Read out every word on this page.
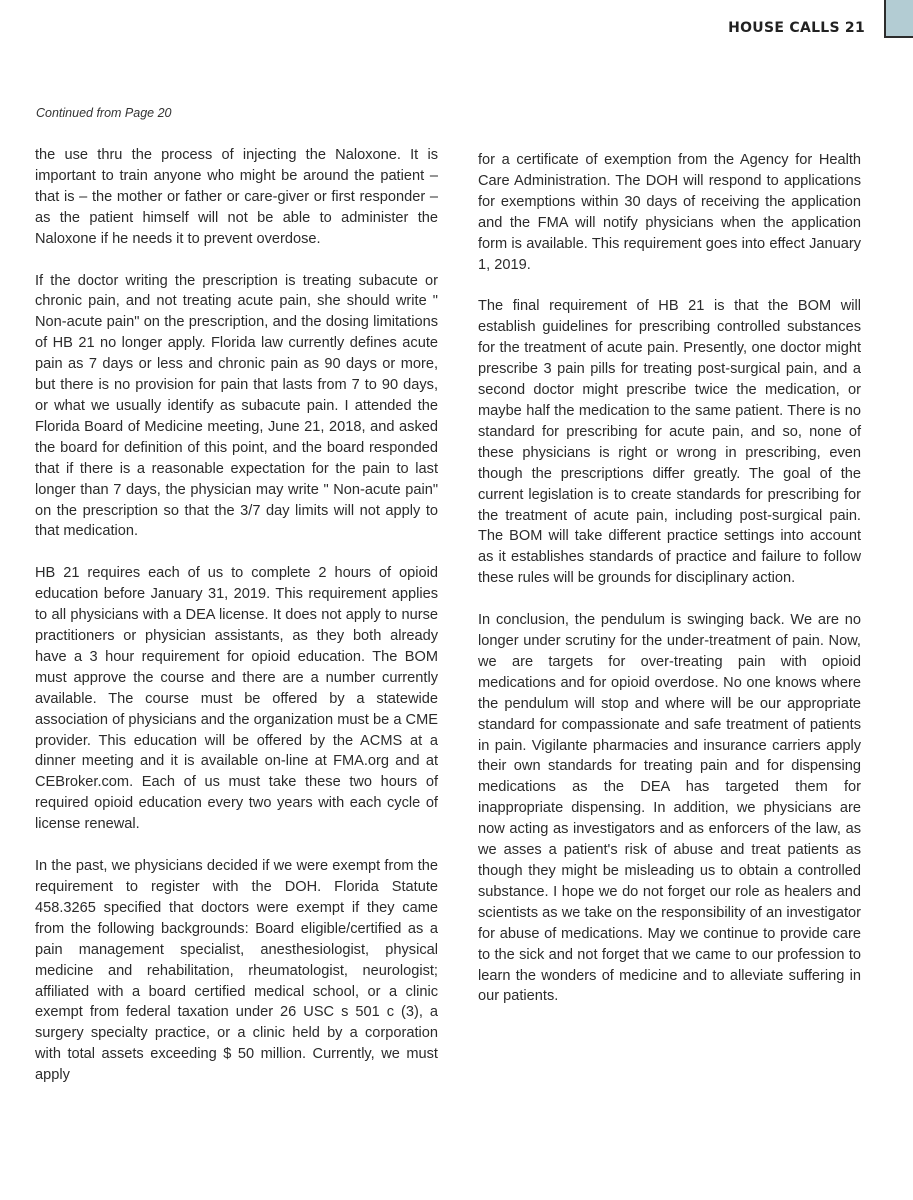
HOUSE CALLS 21
Continued from Page 20

the use thru the process of injecting the Naloxone. It is important to train anyone who might be around the patient – that is – the mother or father or care-giver or first responder – as the patient himself will not be able to administer the Naloxone if he needs it to prevent overdose.

If the doctor writing the prescription is treating subacute or chronic pain, and not treating acute pain, she should write " Non-acute pain" on the prescription, and the dosing limitations of HB 21 no longer apply. Florida law currently defines acute pain as 7 days or less and chronic pain as 90 days or more, but there is no provision for pain that lasts from 7 to 90 days, or what we usually identify as subacute pain. I attended the Florida Board of Medicine meeting, June 21, 2018, and asked the board for definition of this point, and the board responded that if there is a reasonable expectation for the pain to last longer than 7 days, the physician may write " Non-acute pain" on the prescription so that the 3/7 day limits will not apply to that medication.

HB 21 requires each of us to complete 2 hours of opioid education before January 31, 2019. This requirement applies to all physicians with a DEA license. It does not apply to nurse practitioners or physician assistants, as they both already have a 3 hour requirement for opioid education. The BOM must approve the course and there are a number currently available. The course must be offered by a statewide association of physicians and the organization must be a CME provider. This education will be offered by the ACMS at a dinner meeting and it is available on-line at FMA.org and at CEBroker.com. Each of us must take these two hours of required opioid education every two years with each cycle of license renewal.

In the past, we physicians decided if we were exempt from the requirement to register with the DOH. Florida Statute 458.3265 specified that doctors were exempt if they came from the following backgrounds: Board eligible/certified as a pain management specialist, anesthesiologist, physical medicine and rehabilitation, rheumatologist, neurologist; affiliated with a board certified medical school, or a clinic exempt from federal taxation under 26 USC s 501 c (3), a surgery specialty practice, or a clinic held by a corporation with total assets exceeding $ 50 million. Currently, we must apply

for a certificate of exemption from the Agency for Health Care Administration. The DOH will respond to applications for exemptions within 30 days of receiving the application and the FMA will notify physicians when the application form is available. This requirement goes into effect January 1, 2019.

The final requirement of HB 21 is that the BOM will establish guidelines for prescribing controlled substances for the treatment of acute pain. Presently, one doctor might prescribe 3 pain pills for treating post-surgical pain, and a second doctor might prescribe twice the medication, or maybe half the medication to the same patient. There is no standard for prescribing for acute pain, and so, none of these physicians is right or wrong in prescribing, even though the prescriptions differ greatly. The goal of the current legislation is to create standards for prescribing for the treatment of acute pain, including post-surgical pain. The BOM will take different practice settings into account as it establishes standards of practice and failure to follow these rules will be grounds for disciplinary action.

In conclusion, the pendulum is swinging back. We are no longer under scrutiny for the under-treatment of pain. Now, we are targets for over-treating pain with opioid medications and for opioid overdose. No one knows where the pendulum will stop and where will be our appropriate standard for compassionate and safe treatment of patients in pain. Vigilante pharmacies and insurance carriers apply their own standards for treating pain and for dispensing medications as the DEA has targeted them for inappropriate dispensing. In addition, we physicians are now acting as investigators and as enforcers of the law, as we asses a patient's risk of abuse and treat patients as though they might be misleading us to obtain a controlled substance. I hope we do not forget our role as healers and scientists as we take on the responsibility of an investigator for abuse of medications. May we continue to provide care to the sick and not forget that we came to our profession to learn the wonders of medicine and to alleviate suffering in our patients.
